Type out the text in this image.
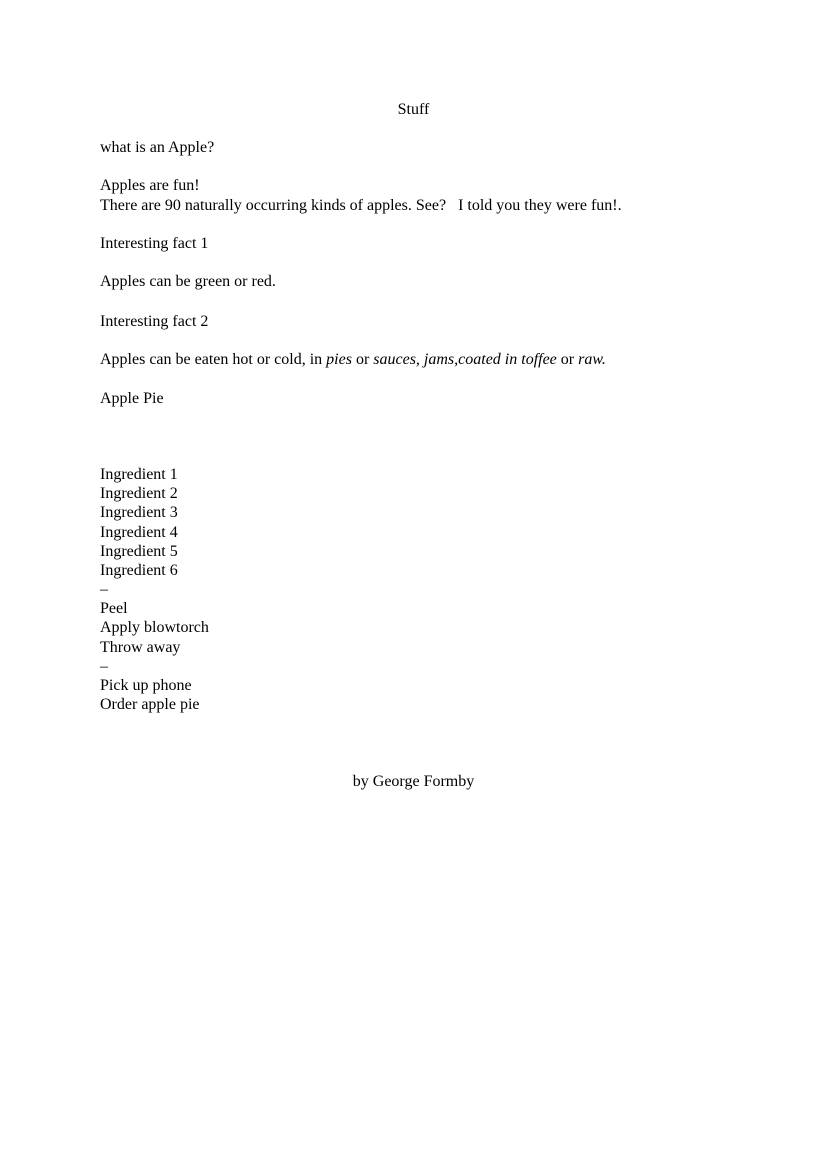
Stuff

what is an Apple?

Apples are fun!

There are 90 naturally occurring kinds of apples. See?   I told you they were fun!.

Interesting fact 1

Apples can be green or red.

Interesting fact 2

Apples can be eaten hot or cold, in pies or sauces, jams,coated in toffee or raw.

Apple Pie

Ingredient 1

Ingredient 2

Ingredient 3

Ingredient 4

Ingredient 5

Ingredient 6

–

Peel

Apply blowtorch

Throw away

–

Pick up phone

Order apple pie

by George Formby
